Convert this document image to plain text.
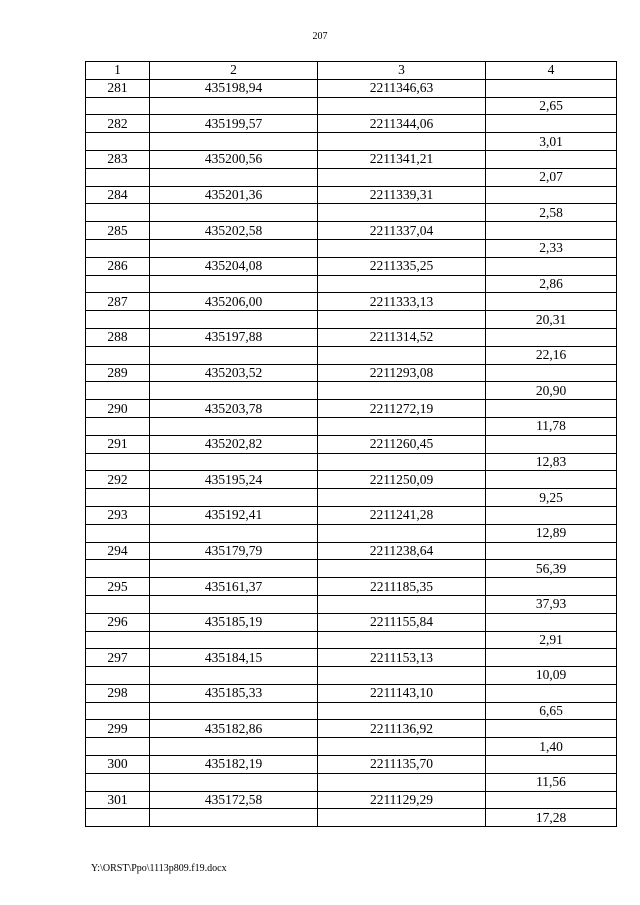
207
1	2	3	4
281	435198,94	2211346,63	
			2,65
282	435199,57	2211344,06	
			3,01
283	435200,56	2211341,21	
			2,07
284	435201,36	2211339,31	
			2,58
285	435202,58	2211337,04	
			2,33
286	435204,08	2211335,25	
			2,86
287	435206,00	2211333,13	
			20,31
288	435197,88	2211314,52	
			22,16
289	435203,52	2211293,08	
			20,90
290	435203,78	2211272,19	
			11,78
291	435202,82	2211260,45	
			12,83
292	435195,24	2211250,09	
			9,25
293	435192,41	2211241,28	
			12,89
294	435179,79	2211238,64	
			56,39
295	435161,37	2211185,35	
			37,93
296	435185,19	2211155,84	
			2,91
297	435184,15	2211153,13	
			10,09
298	435185,33	2211143,10	
			6,65
299	435182,86	2211136,92	
			1,40
300	435182,19	2211135,70	
			11,56
301	435172,58	2211129,29	
			17,28
Y:\ORST\Ppo\1113p809.f19.docx
